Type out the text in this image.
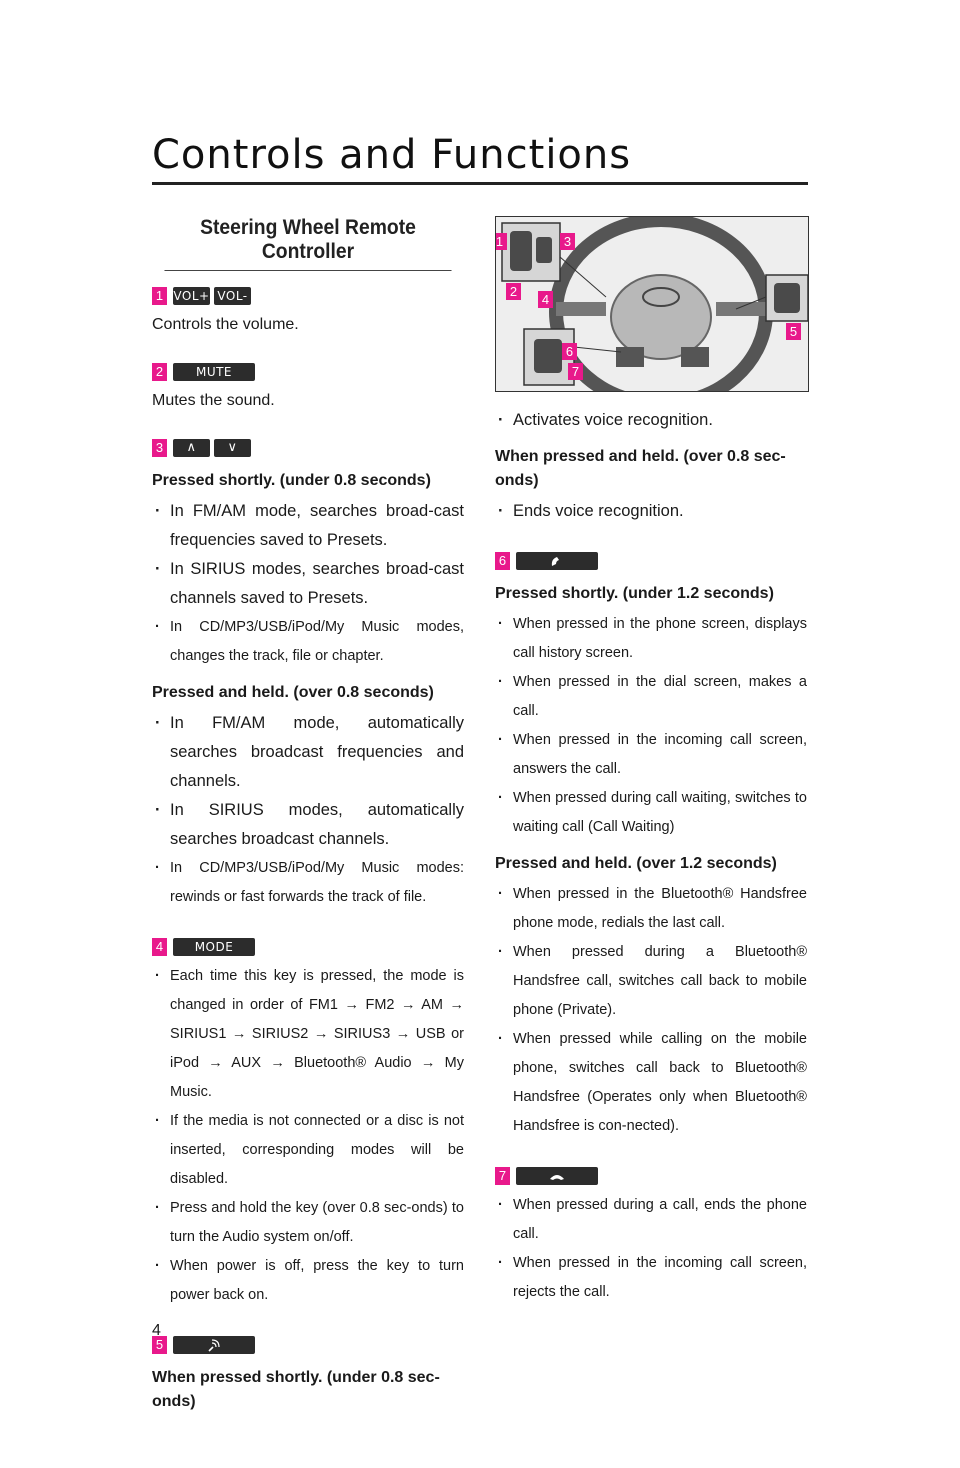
Controls and Functions
Steering Wheel Remote Controller
1 VOL+ VOL-

Controls the volume.

2	MUTE

Mutes the sound.

3	∧	∨

Pressed shortly. (under 0.8 seconds)

· In FM/AM mode, searches broad-cast frequencies saved to Presets.
· In SIRIUS modes, searches broad-cast channels saved to Presets.
· In CD/MP3/USB/iPod/My Music modes, changes the track, file or chapter.

Pressed and held. (over 0.8 seconds)

· In FM/AM mode, automatically searches broadcast frequencies and channels.
· In SIRIUS modes, automatically searches broadcast channels.
· In CD/MP3/USB/iPod/My Music modes: rewinds or fast forwards the track of file.
4	MODE
· Each time this key is pressed, the mode is changed in order of FM1 → FM2 → AM → SIRIUS1 → SIRIUS2 → SIRIUS3 → USB or iPod → AUX → Bluetooth® Audio → My Music.
· If the media is not connected or a disc is not inserted, corresponding modes will be disabled.
· Press and hold the key (over 0.8 sec-onds) to turn the Audio system on/off.
· When power is off, press the key to turn power back on.
5

When pressed shortly. (under 0.8 sec-onds)

1	3
2
4
5
6
7
· Activates voice recognition.

When pressed and held. (over 0.8 sec-onds)

· Ends voice recognition.
6

Pressed shortly. (under 1.2 seconds)

· When pressed in the phone screen, displays call history screen.
· When pressed in the dial screen, makes a call.
· When pressed in the incoming call screen, answers the call.
· When pressed during call waiting, switches to waiting call (Call Waiting)

Pressed and held. (over 1.2 seconds)

· When pressed in the Bluetooth® Handsfree phone mode, redials the last call.
· When pressed during a Bluetooth® Handsfree call, switches call back to mobile phone (Private).
· When pressed while calling on the mobile phone, switches call back to Bluetooth® Handsfree (Operates only when Bluetooth® Handsfree is con-nected).
7
· When pressed during a call, ends the phone call.
· When pressed in the incoming call screen, rejects the call.
4
